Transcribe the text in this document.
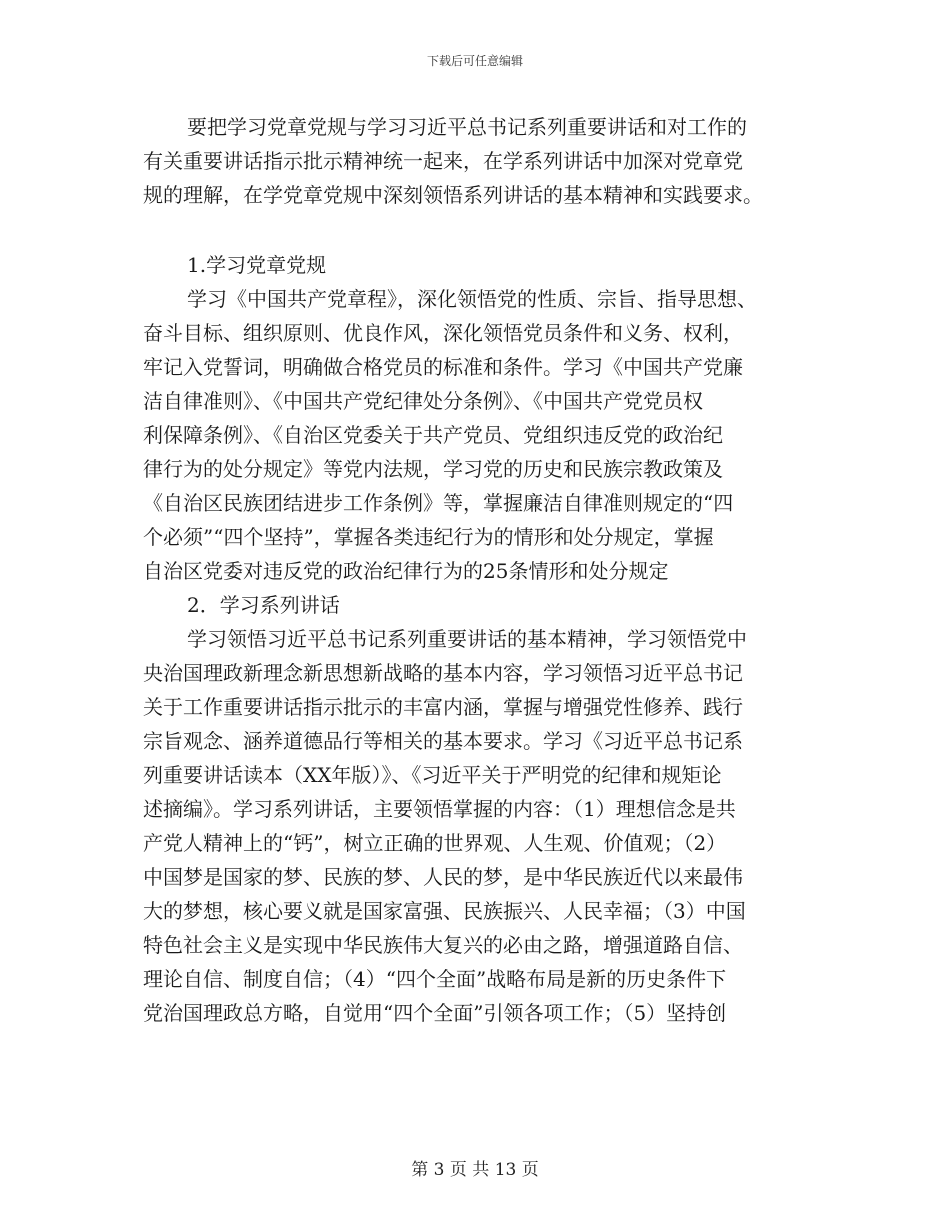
下载后可任意编辑
要把学习党章党规与学习习近平总书记系列重要讲话和对工作的
有关重要讲话指示批示精神统一起来，在学系列讲话中加深对党章党
规的理解，在学党章党规中深刻领悟系列讲话的基本精神和实践要求。
1.学习党章党规
学习《中国共产党章程》，深化领悟党的性质、宗旨、指导思想、
奋斗目标、组织原则、优良作风，深化领悟党员条件和义务、权利，
牢记入党誓词，明确做合格党员的标准和条件。学习《中国共产党廉
洁自律准则》、《中国共产党纪律处分条例》、《中国共产党党员权
利保障条例》、《自治区党委关于共产党员、党组织违反党的政治纪
律行为的处分规定》等党内法规，学习党的历史和民族宗教政策及
《自治区民族团结进步工作条例》等，掌握廉洁自律准则规定的“四
个必须”“四个坚持”，掌握各类违纪行为的情形和处分规定，掌握
自治区党委对违反党的政治纪律行为的25条情形和处分规定
2．学习系列讲话
学习领悟习近平总书记系列重要讲话的基本精神，学习领悟党中
央治国理政新理念新思想新战略的基本内容，学习领悟习近平总书记
关于工作重要讲话指示批示的丰富内涵，掌握与增强党性修养、践行
宗旨观念、涵养道德品行等相关的基本要求。学习《习近平总书记系
列重要讲话读本（XX年版）》、《习近平关于严明党的纪律和规矩论
述摘编》。学习系列讲话，主要领悟掌握的内容：（1）理想信念是共
产党人精神上的“钙”，树立正确的世界观、人生观、价值观；（2）
中国梦是国家的梦、民族的梦、人民的梦，是中华民族近代以来最伟
大的梦想，核心要义就是国家富强、民族振兴、人民幸福；（3）中国
特色社会主义是实现中华民族伟大复兴的必由之路，增强道路自信、
理论自信、制度自信；（4）“四个全面”战略布局是新的历史条件下
党治国理政总方略，自觉用“四个全面”引领各项工作；（5）坚持创
第 3 页 共 13 页
